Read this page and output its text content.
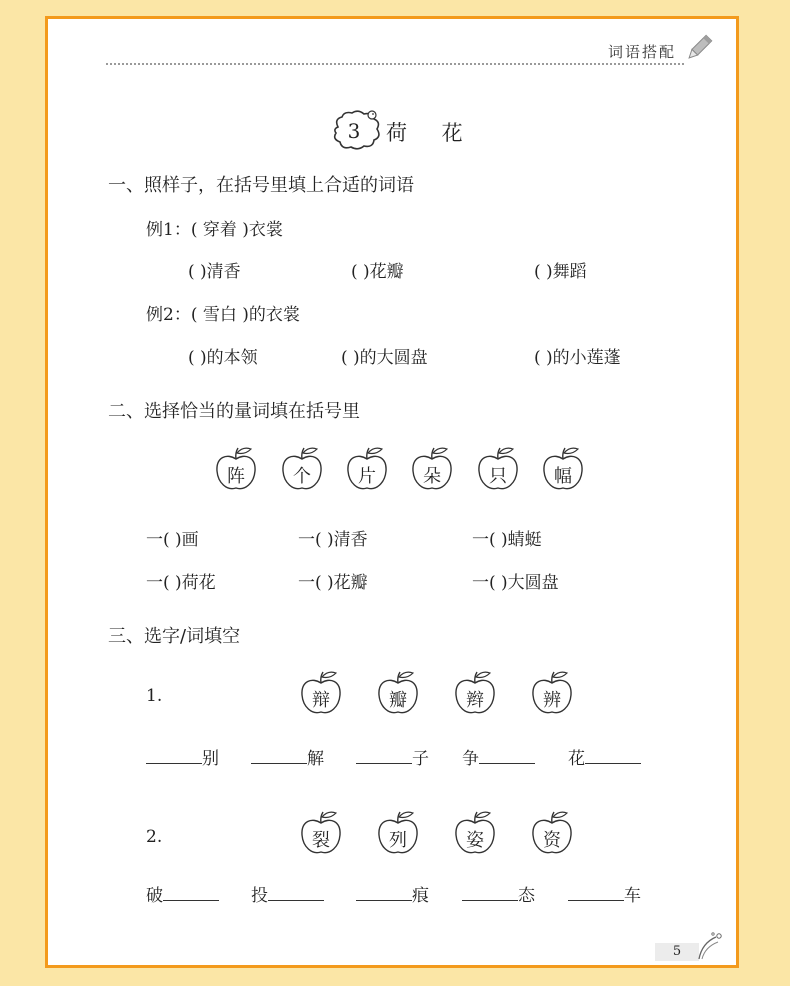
词语搭配
3 荷 花
一、照样子，在括号里填上合适的词语
例1：( 穿着 )衣裳
( )清香	( )花瓣	( )舞蹈
例2：( 雪白 )的衣裳
( )的本领	( )的大圆盘	( )的小莲蓬
二、选择恰当的量词填在括号里
阵	个	片	朵	只	幅
一( )画	一( )清香	一( )蜻蜓
一( )荷花	一( )花瓣	一( )大圆盘
三、选字/词填空
1.	辩	瓣	辫	辨
别	解	子 争	花
2.	裂	列	姿	资
破	投	痕	态	车
5
